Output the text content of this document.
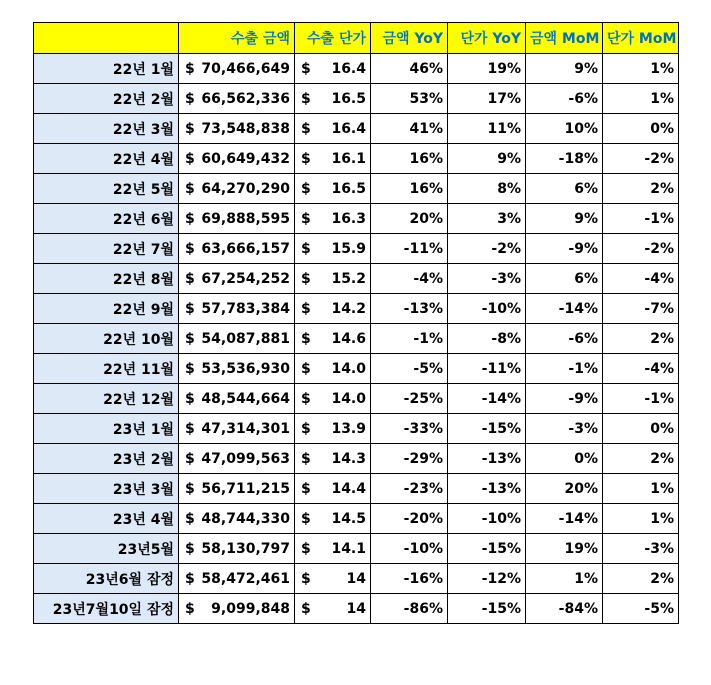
	수출 금액	수출 단가	금액 YoY	단가 YoY	금액 MoM	단가 MoM
22년 1월	$ 70,466,649	$ 16.4	46%	19%	9%	1%
22년 2월	$ 66,562,336	$ 16.5	53%	17%	-6%	1%
22년 3월	$ 73,548,838	$ 16.4	41%	11%	10%	0%
22년 4월	$ 60,649,432	$ 16.1	16%	9%	-18%	-2%
22년 5월	$ 64,270,290	$ 16.5	16%	8%	6%	2%
22년 6월	$ 69,888,595	$ 16.3	20%	3%	9%	-1%
22년 7월	$ 63,666,157	$ 15.9	-11%	-2%	-9%	-2%
22년 8월	$ 67,254,252	$ 15.2	-4%	-3%	6%	-4%
22년 9월	$ 57,783,384	$ 14.2	-13%	-10%	-14%	-7%
22년 10월	$ 54,087,881	$ 14.6	-1%	-8%	-6%	2%
22년 11월	$ 53,536,930	$ 14.0	-5%	-11%	-1%	-4%
22년 12월	$ 48,544,664	$ 14.0	-25%	-14%	-9%	-1%
23년 1월	$ 47,314,301	$ 13.9	-33%	-15%	-3%	0%
23년 2월	$ 47,099,563	$ 14.3	-29%	-13%	0%	2%
23년 3월	$ 56,711,215	$ 14.4	-23%	-13%	20%	1%
23년 4월	$ 48,744,330	$ 14.5	-20%	-10%	-14%	1%
23년5월	$ 58,130,797	$ 14.1	-10%	-15%	19%	-3%
23년6월 잠정	$ 58,472,461	$ 14	-16%	-12%	1%	2%
23년7월10일 잠정	$ 9,099,848	$ 14	-86%	-15%	-84%	-5%
